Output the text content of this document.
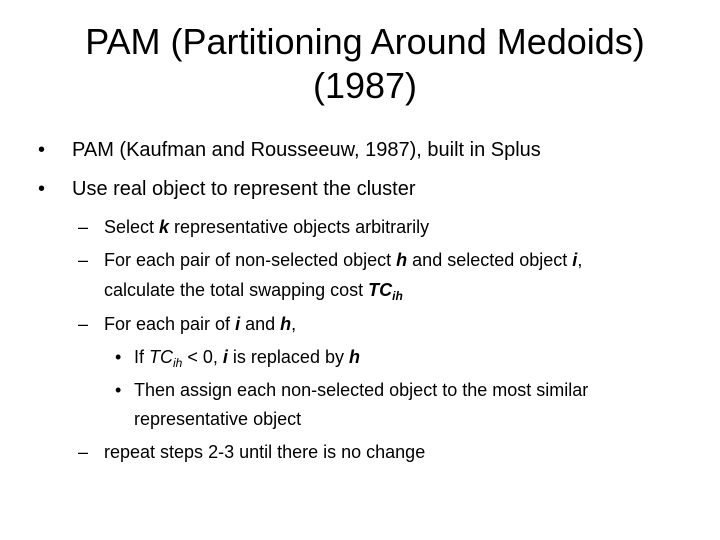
PAM (Partitioning Around Medoids)
(1987)
• PAM (Kaufman and Rousseeuw, 1987), built in Splus
• Use real object to represent the cluster
– Select k representative objects arbitrarily
– For each pair of non-selected object h and selected object i,
calculate the total swapping cost $TC_{ih}$
– For each pair of i and h,
• If $TC_{ih} < 0$, i is replaced by h
• Then assign each non-selected object to the most similar
representative object
– repeat steps 2-3 until there is no change
